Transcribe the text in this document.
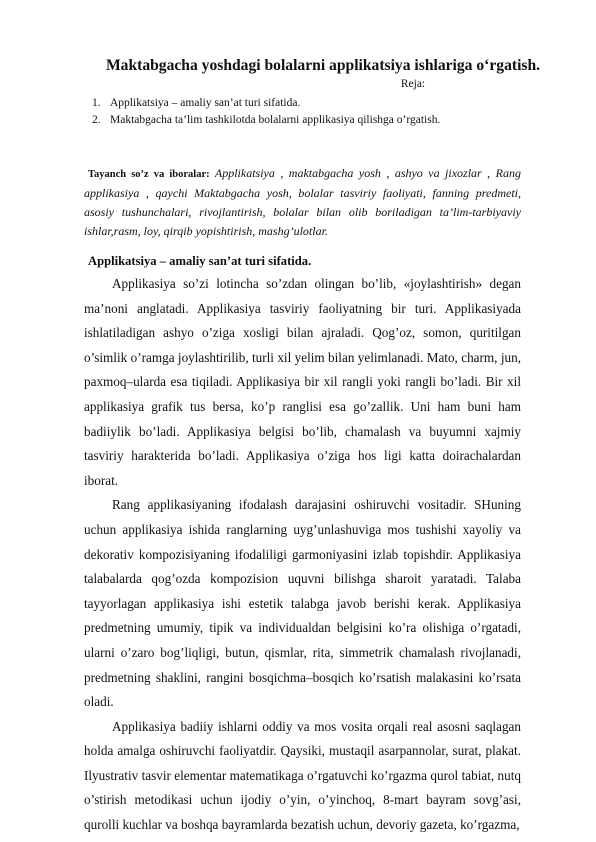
Maktabgacha yoshdagi bolalarni applikatsiya ishlariga o‘rgatish.
Reja:
1. Applikatsiya – amaliy san’at turi sifatida.
2. Maktabgacha ta’lim tashkilotda bolalarni applikasiya qilishga o’rgatish.
Tayanch so’z va iboralar: Applikatsiya , maktabgacha yosh , ashyo va jixozlar , Rang applikasiya , qaychi Maktabgacha yosh, bolalar tasviriy faoliyati, fanning predmeti, asosiy tushunchalari, rivojlantirish, bolalar bilan olib boriladigan ta’lim-tarbiyaviy ishlar,rasm, loy, qirqib yopishtirish, mashg’ulotlar.
Applikatsiya – amaliy san’at turi sifatida.

Applikasiya so’zi lotincha so’zdan olingan bo’lib, «joylashtirish» degan ma’noni anglatadi. Applikasiya tasviriy faoliyatning bir turi. Applikasiyada ishlatiladigan ashyo o’ziga xosligi bilan ajraladi. Qog’oz, somon, quritilgan o’simlik o’ramga joylashtirilib, turli xil yelim bilan yelimlanadi. Mato, charm, jun, paxmoq–ularda esa tiqiladi. Applikasiya bir xil rangli yoki rangli bo’ladi. Bir xil applikasiya grafik tus bersa, ko’p ranglisi esa go’zallik. Uni ham buni ham badiiylik bo’ladi. Applikasiya belgisi bo’lib, chamalash va buyumni xajmiy tasviriy harakterida bo’ladi. Applikasiya o’ziga hos ligi katta doirachalardan iborat.

Rang applikasiyaning ifodalash darajasini oshiruvchi vositadir. SHuning uchun applikasiya ishida ranglarning uyg’unlashuviga mos tushishi xayoliy va dekorativ kompozisiyaning ifodaliligi garmoniyasini izlab topishdir. Applikasiya talabalarda qog’ozda kompozision uquvni bilishga sharoit yaratadi. Talaba tayyorlagan applikasiya ishi estetik talabga javob berishi kerak. Applikasiya predmetning umumiy, tipik va individualdan belgisini ko’ra olishiga o’rgatadi, ularni o’zaro bog’liqligi, butun, qismlar, rita, simmetrik chamalash rivojlanadi, predmetning shaklini, rangini bosqichma–bosqich ko’rsatish malakasini ko’rsata oladi.

Applikasiya badiiy ishlarni oddiy va mos vosita orqali real asosni saqlagan holda amalga oshiruvchi faoliyatdir. Qaysiki, mustaqil asarpannolar, surat, plakat. Ilyustrativ tasvir elementar matematikaga o’rgatuvchi ko’rgazma qurol tabiat, nutq o’stirish metodikasi uchun ijodiy o’yin, o’yinchoq, 8-mart bayram sovg’asi, qurolli kuchlar va boshqa bayramlarda bezatish uchun, devoriy gazeta, ko’rgazma,
